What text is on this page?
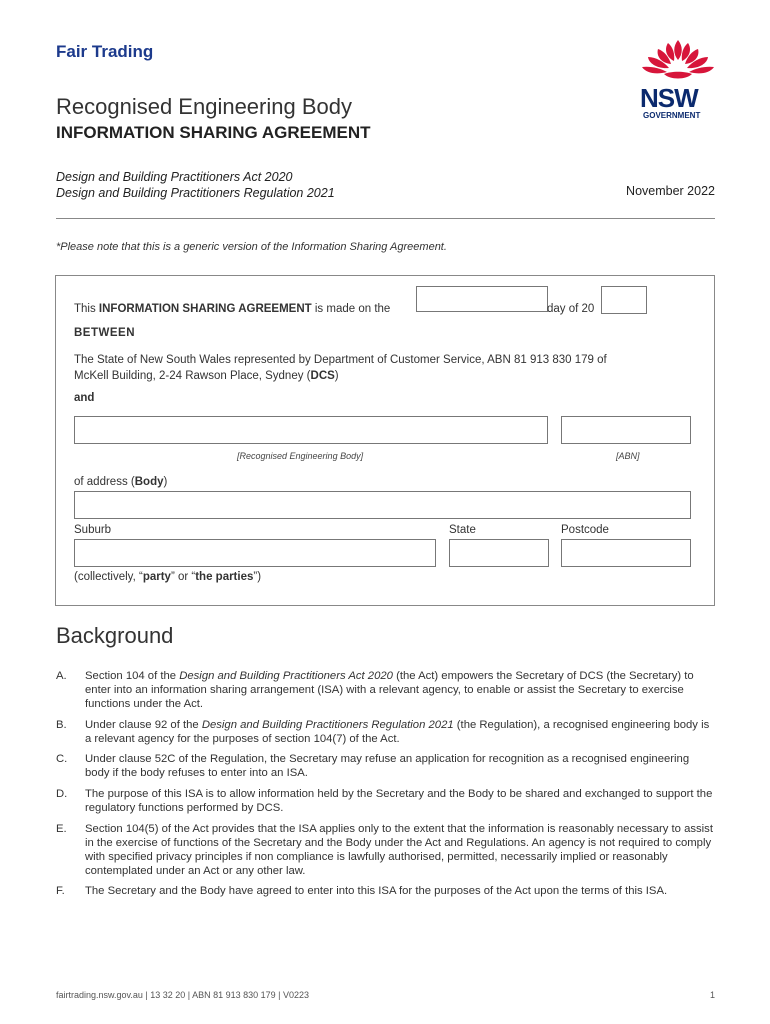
Fair Trading
NSW
GOVERNMENT
Recognised Engineering Body
INFORMATION SHARING AGREEMENT
Design and Building Practitioners Act 2020
Design and Building Practitioners Regulation 2021	November 2022
*Please note that this is a generic version of the Information Sharing Agreement.
This INFORMATION SHARING AGREEMENT is made on the	day of 20
BETWEEN
The State of New South Wales represented by Department of Customer Service, ABN 81 913 830 179 of
McKell Building, 2-24 Rawson Place, Sydney (DCS)
and
[Recognised Engineering Body]	[ABN]
of address (Body)
Suburb	State	Postcode
(collectively, “party” or “the parties”)
Background
A. Section 104 of the Design and Building Practitioners Act 2020 (the Act) empowers the Secretary of DCS (the Secretary) to enter into an information sharing arrangement (ISA) with a relevant agency, to enable or assist the Secretary to exercise functions under the Act.
B. Under clause 92 of the Design and Building Practitioners Regulation 2021 (the Regulation), a recognised engineering body is a relevant agency for the purposes of section 104(7) of the Act.
C. Under clause 52C of the Regulation, the Secretary may refuse an application for recognition as a recognised engineering body if the body refuses to enter into an ISA.
D. The purpose of this ISA is to allow information held by the Secretary and the Body to be shared and exchanged to support the regulatory functions performed by DCS.
E. Section 104(5) of the Act provides that the ISA applies only to the extent that the information is reasonably necessary to assist in the exercise of functions of the Secretary and the Body under the Act and Regulations. An agency is not required to comply with specified privacy principles if non compliance is lawfully authorised, permitted, necessarily implied or reasonably contemplated under an Act or any other law.
F. The Secretary and the Body have agreed to enter into this ISA for the purposes of the Act upon the terms of this ISA.
fairtrading.nsw.gov.au | 13 32 20 | ABN 81 913 830 179 | V0223	1
